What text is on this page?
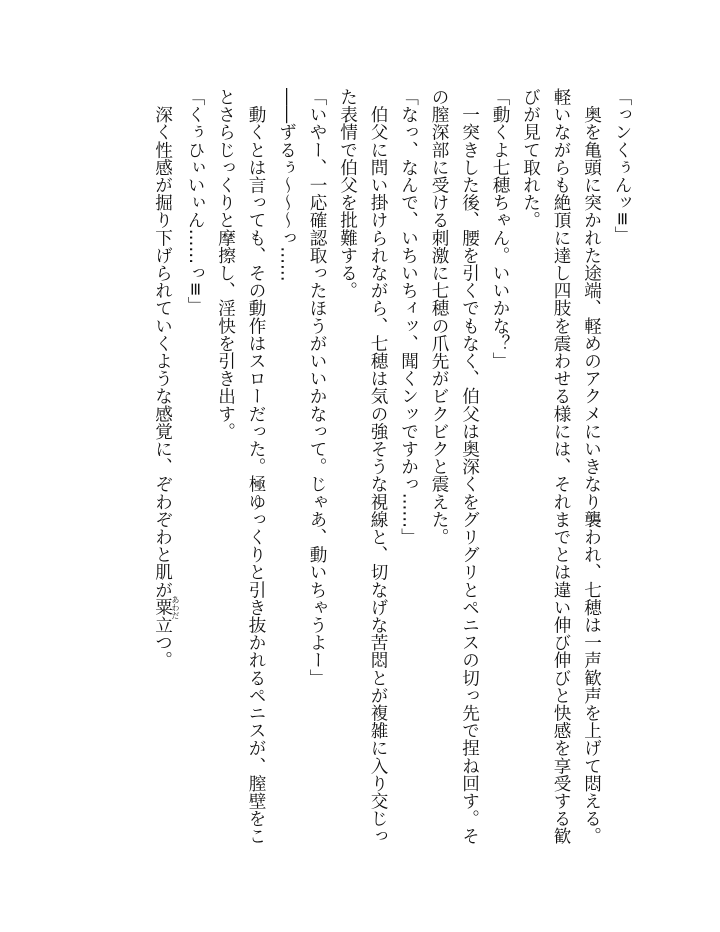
「っンくぅんッ≡」

　奥を亀頭に突かれた途端、軽めのアクメにいきなり襲われ、七穂は一声歓声を上げて悶える。

軽いながらも絶頂に達し四肢を震わせる様には、それまでとは違い伸び伸びと快感を享受する歓びが見て取れた。

「動くよ七穂ちゃん。いいかな？」

　一突きした後、腰を引くでもなく、伯父は奥深くをグリグリとペニスの切っ先で捏ね回す。その膣深部に受ける刺激に七穂の爪先がビクビクと震えた。

「なっ、なんで、いちいちィッ、聞くンッですかっ……」

　伯父に問い掛けられながら、七穂は気の強そうな視線と、切なげな苦悶とが複雑に入り交じった表情で伯父を批難する。

「いやー、一応確認取ったほうがいいかなって。じゃあ、動いちゃうよー」

――ずるぅ〜〜〜っ……

　動くとは言っても、その動作はスローだった。極ゆっくりと引き抜かれるペニスが、膣壁をことさらじっくりと摩擦し、淫快を引き出す。

「くぅひぃいぃん……っ≡」

　深く性感が掘り下げられていくような感覚に、ぞわぞわと肌が粟あわだ立つ。
